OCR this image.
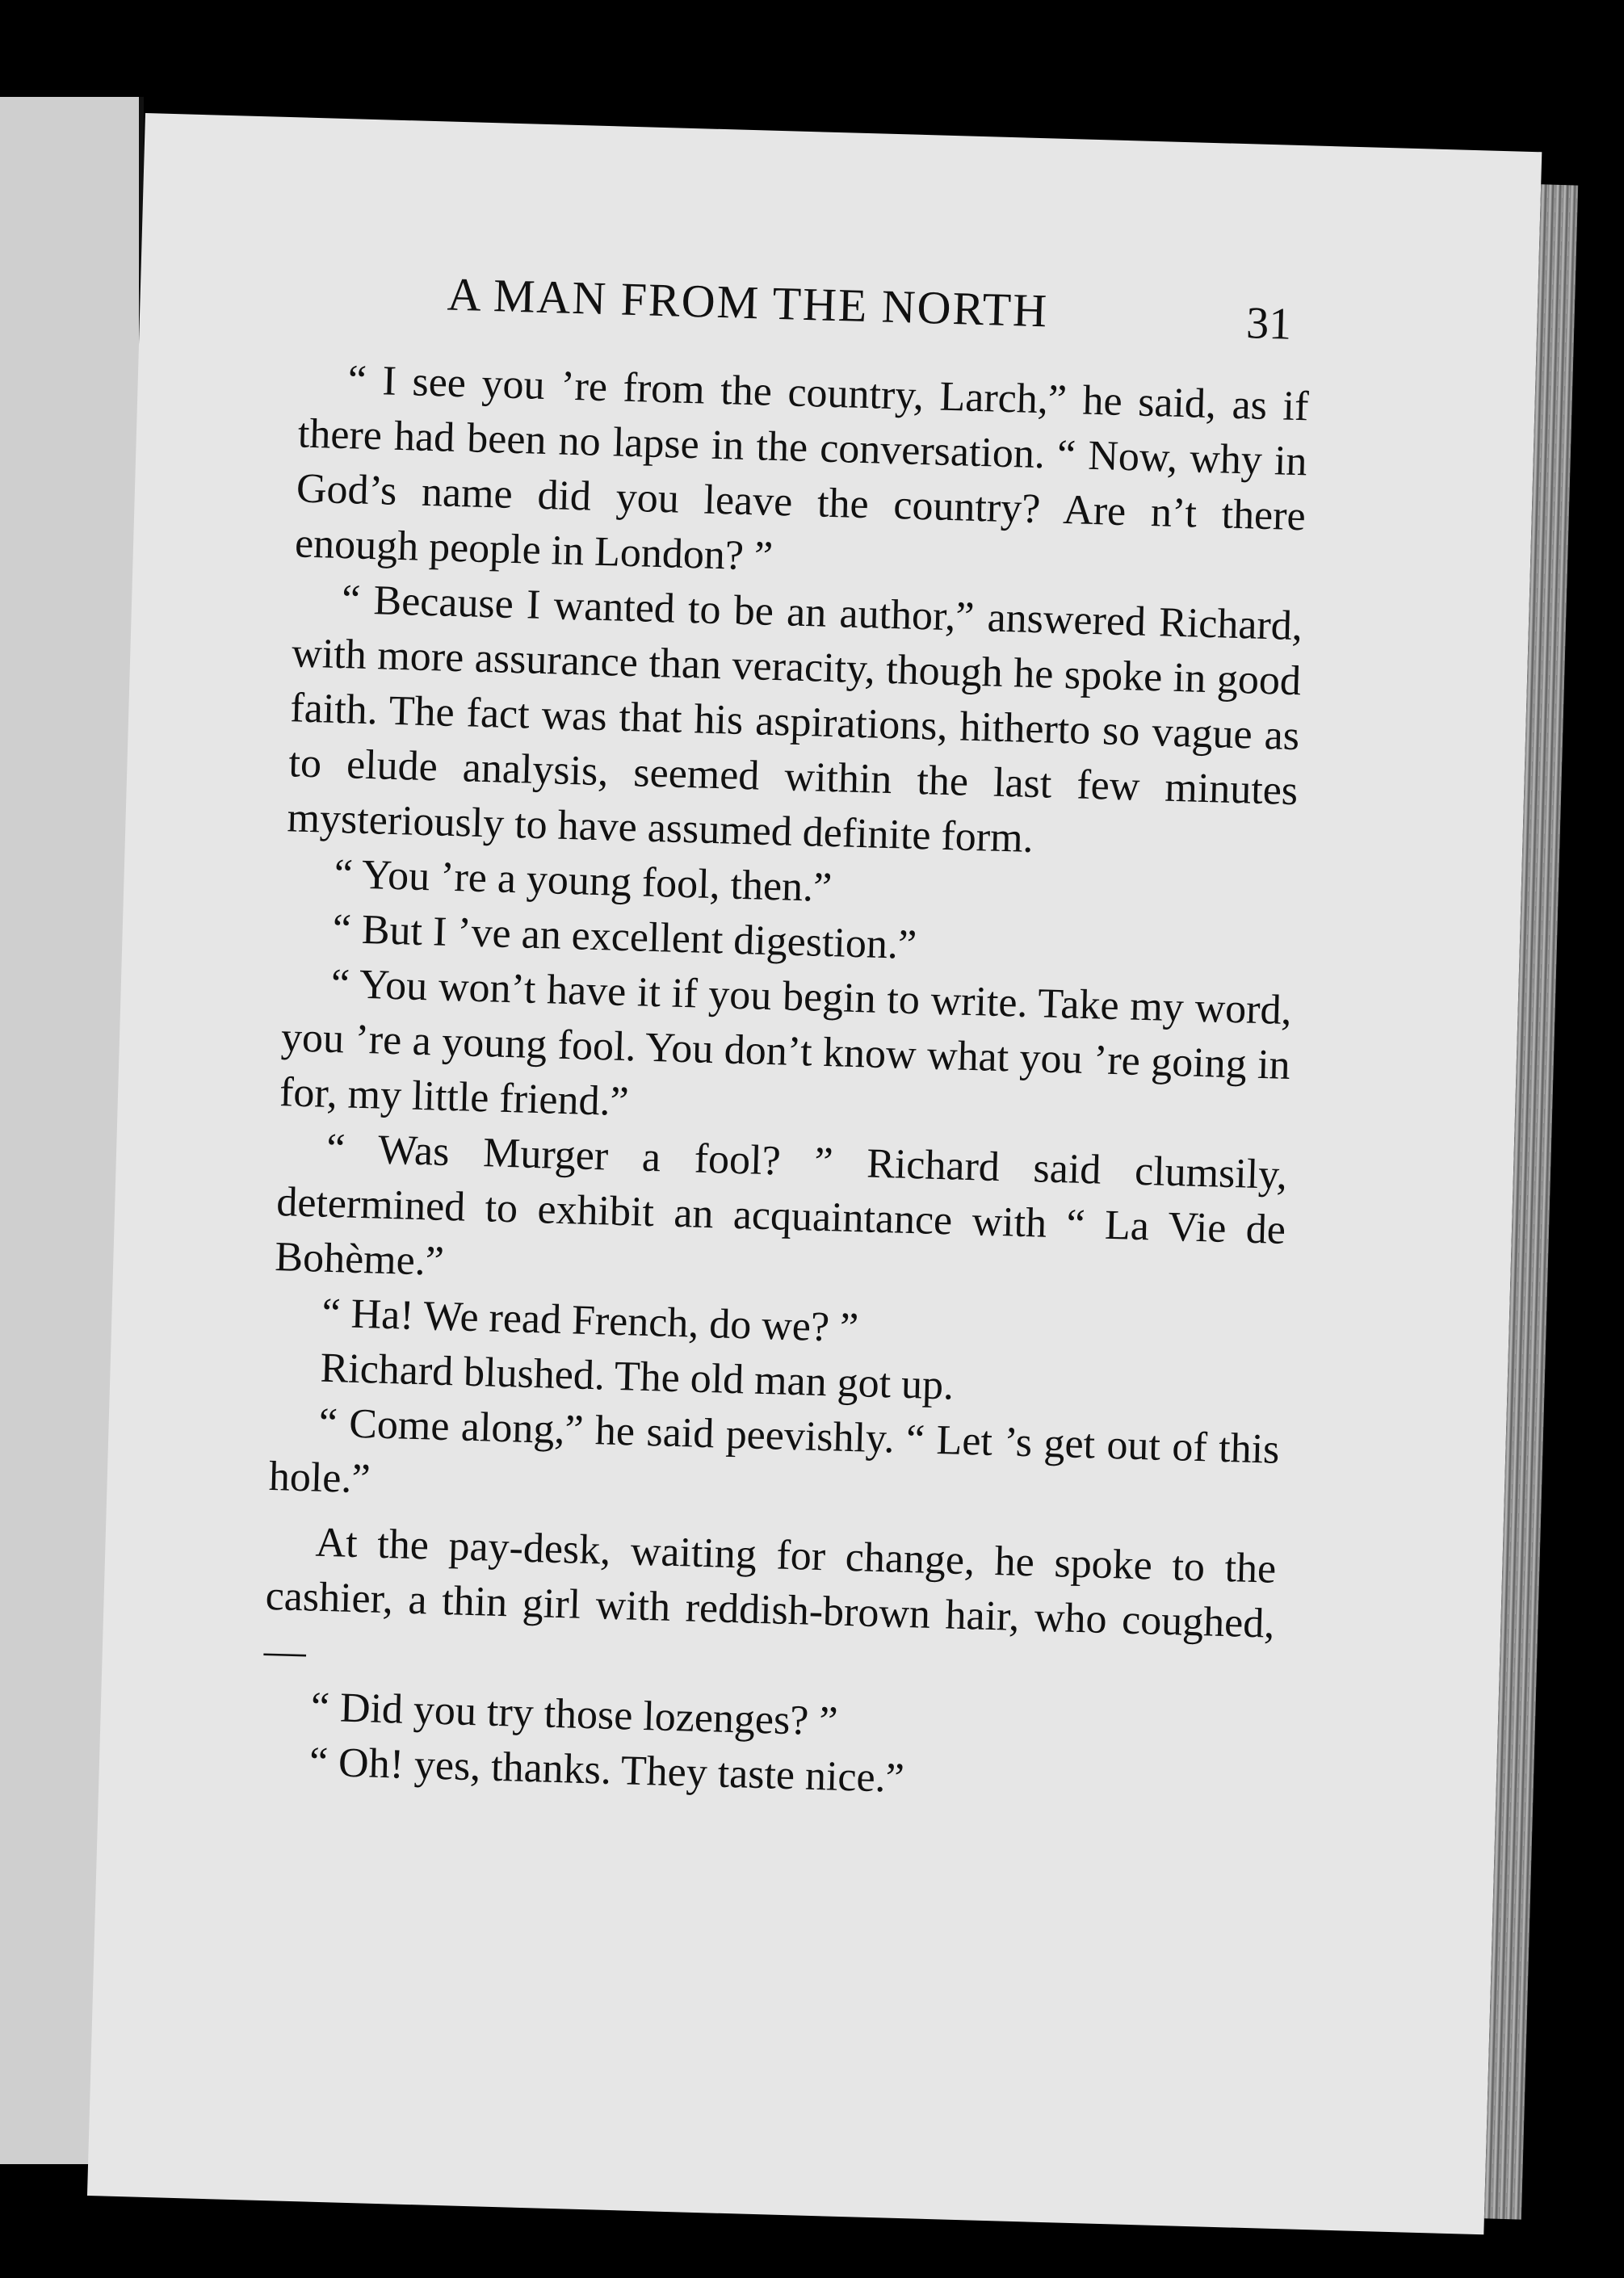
A MAN FROM THE NORTH	31

“ I see you ’re from the country, Larch,” he said, as if there had been no lapse in the conversation. “ Now, why in God’s name did you leave the country? Are n’t there enough people in London? ”

“ Because I wanted to be an author,” answered Richard, with more assurance than veracity, though he spoke in good faith. The fact was that his aspirations, hitherto so vague as to elude analysis, seemed within the last few minutes mysteriously to have assumed definite form.

“ You ’re a young fool, then.”

“ But I ’ve an excellent digestion.”

“ You won’t have it if you begin to write. Take my word, you ’re a young fool. You don’t know what you ’re going in for, my little friend.”

“ Was Murger a fool? ” Richard said clumsily, determined to exhibit an acquaintance with “ La Vie de Bohème.”

“ Ha! We read French, do we? ”

Richard blushed. The old man got up.

“ Come along,” he said peevishly. “ Let ’s get out of this hole.”

At the pay-desk, waiting for change, he spoke to the cashier, a thin girl with reddish-brown hair, who coughed,—

“ Did you try those lozenges? ”

“ Oh! yes, thanks. They taste nice.”
